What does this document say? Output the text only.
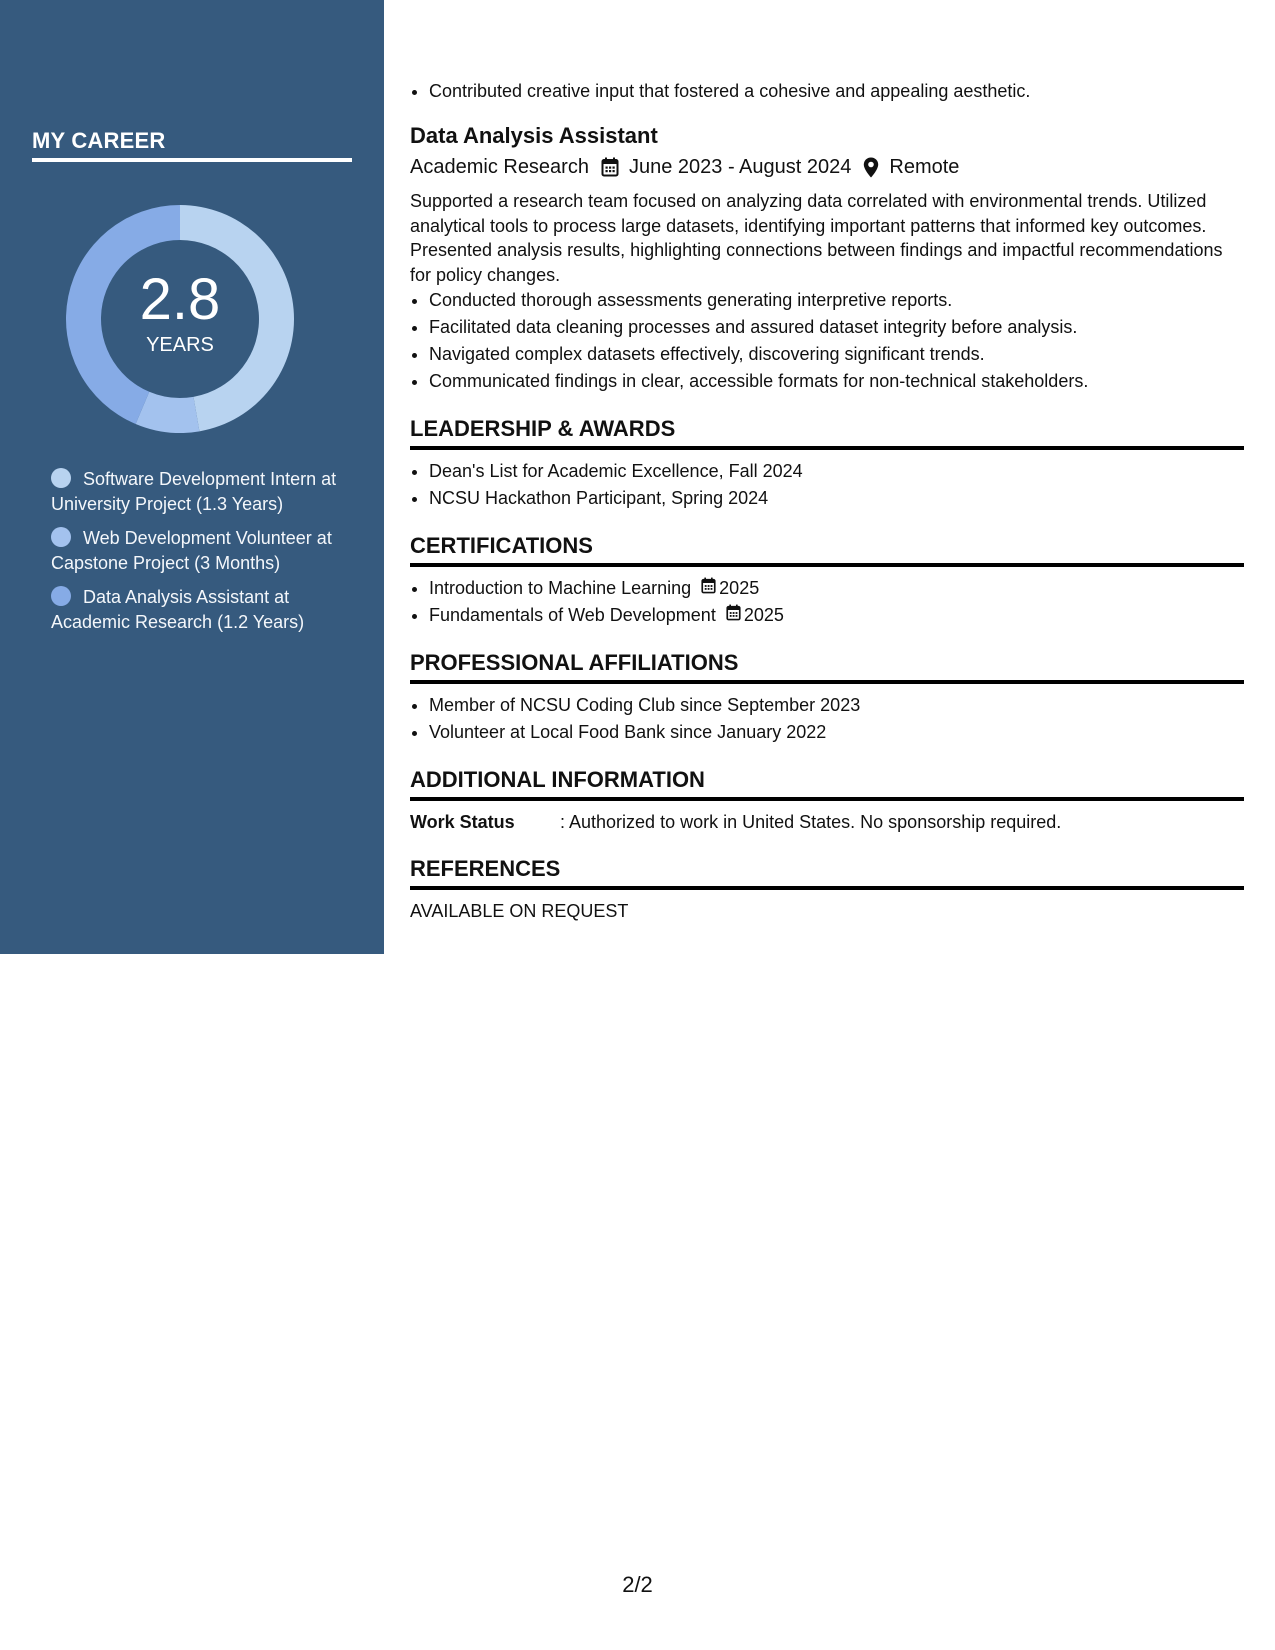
MY CAREER
2.8
YEARS
Software Development Intern at University Project (1.3 Years)
Web Development Volunteer at Capstone Project (3 Months)
Data Analysis Assistant at Academic Research (1.2 Years)
• Contributed creative input that fostered a cohesive and appealing aesthetic.
Data Analysis Assistant
Academic Research June 2023 - August 2024 Remote
Supported a research team focused on analyzing data correlated with environmental trends. Utilized analytical tools to process large datasets, identifying important patterns that informed key outcomes. Presented analysis results, highlighting connections between findings and impactful recommendations for policy changes.
• Conducted thorough assessments generating interpretive reports.
• Facilitated data cleaning processes and assured dataset integrity before analysis.
• Navigated complex datasets effectively, discovering significant trends.
• Communicated findings in clear, accessible formats for non-technical stakeholders.
LEADERSHIP & AWARDS
• Dean's List for Academic Excellence, Fall 2024
• NCSU Hackathon Participant, Spring 2024
CERTIFICATIONS
• Introduction to Machine Learning 2025
• Fundamentals of Web Development 2025
PROFESSIONAL AFFILIATIONS
• Member of NCSU Coding Club since September 2023
• Volunteer at Local Food Bank since January 2022
ADDITIONAL INFORMATION
Work Status	: Authorized to work in United States. No sponsorship required.
REFERENCES
AVAILABLE ON REQUEST
2/2
